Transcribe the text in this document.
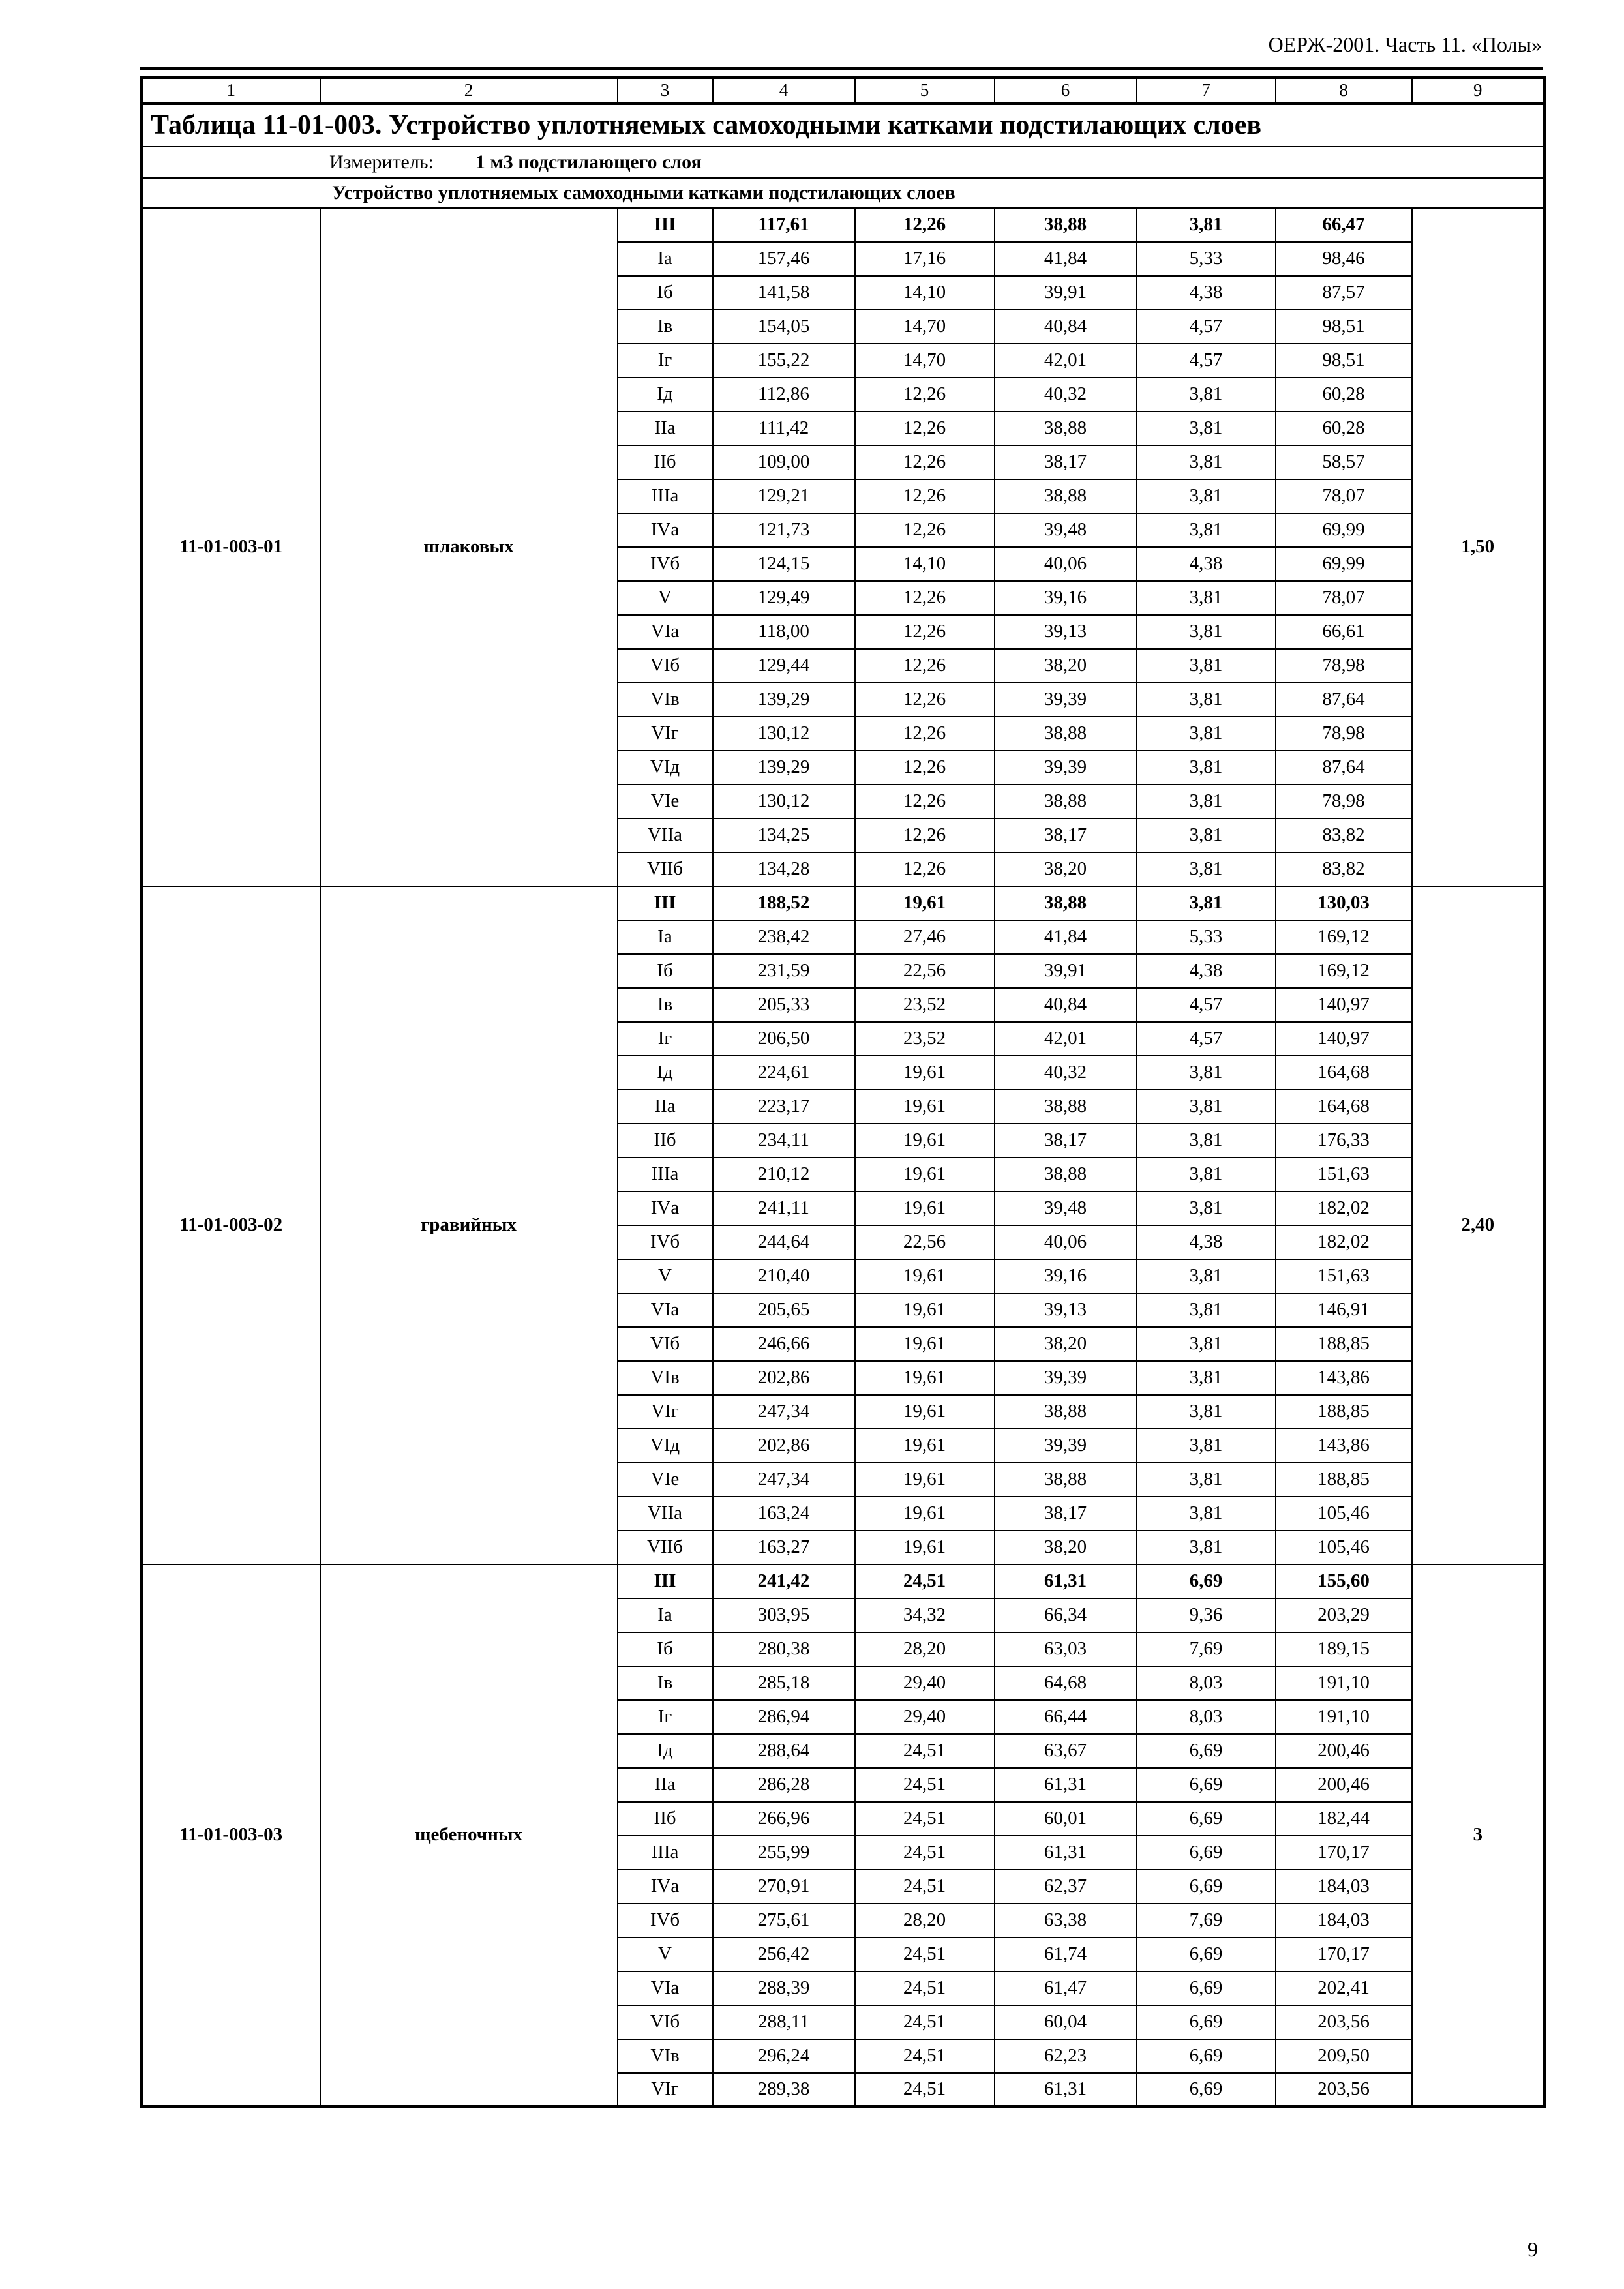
ОЕРЖ-2001. Часть 11. «Полы»
1	2	3	4	5	6	7	8	9
Таблица 11-01-003. Устройство уплотняемых самоходными катками подстилающих слоев								
Измеритель: 1 м3 подстилающего слоя								
Устройство уплотняемых самоходными катками подстилающих слоев								
11-01-003-01	шлаковых	III	117,61	12,26	38,88	3,81	66,47	1,50
		Iа	157,46	17,16	41,84	5,33	98,46	
		Iб	141,58	14,10	39,91	4,38	87,57	
		Iв	154,05	14,70	40,84	4,57	98,51	
		Iг	155,22	14,70	42,01	4,57	98,51	
		Iд	112,86	12,26	40,32	3,81	60,28	
		IIа	111,42	12,26	38,88	3,81	60,28	
		IIб	109,00	12,26	38,17	3,81	58,57	
		IIIа	129,21	12,26	38,88	3,81	78,07	
		IVа	121,73	12,26	39,48	3,81	69,99	
		IVб	124,15	14,10	40,06	4,38	69,99	
		V	129,49	12,26	39,16	3,81	78,07	
		VIа	118,00	12,26	39,13	3,81	66,61	
		VIб	129,44	12,26	38,20	3,81	78,98	
		VIв	139,29	12,26	39,39	3,81	87,64	
		VIг	130,12	12,26	38,88	3,81	78,98	
		VIд	139,29	12,26	39,39	3,81	87,64	
		VIе	130,12	12,26	38,88	3,81	78,98	
		VIIа	134,25	12,26	38,17	3,81	83,82	
		VIIб	134,28	12,26	38,20	3,81	83,82	
11-01-003-02	гравийных	III	188,52	19,61	38,88	3,81	130,03	2,40
		Iа	238,42	27,46	41,84	5,33	169,12	
		Iб	231,59	22,56	39,91	4,38	169,12	
		Iв	205,33	23,52	40,84	4,57	140,97	
		Iг	206,50	23,52	42,01	4,57	140,97	
		Iд	224,61	19,61	40,32	3,81	164,68	
		IIа	223,17	19,61	38,88	3,81	164,68	
		IIб	234,11	19,61	38,17	3,81	176,33	
		IIIа	210,12	19,61	38,88	3,81	151,63	
		IVа	241,11	19,61	39,48	3,81	182,02	
		IVб	244,64	22,56	40,06	4,38	182,02	
		V	210,40	19,61	39,16	3,81	151,63	
		VIа	205,65	19,61	39,13	3,81	146,91	
		VIб	246,66	19,61	38,20	3,81	188,85	
		VIв	202,86	19,61	39,39	3,81	143,86	
		VIг	247,34	19,61	38,88	3,81	188,85	
		VIд	202,86	19,61	39,39	3,81	143,86	
		VIе	247,34	19,61	38,88	3,81	188,85	
		VIIа	163,24	19,61	38,17	3,81	105,46	
		VIIб	163,27	19,61	38,20	3,81	105,46	
11-01-003-03	щебеночных	III	241,42	24,51	61,31	6,69	155,60	3
		Iа	303,95	34,32	66,34	9,36	203,29	
		Iб	280,38	28,20	63,03	7,69	189,15	
		Iв	285,18	29,40	64,68	8,03	191,10	
		Iг	286,94	29,40	66,44	8,03	191,10	
		Iд	288,64	24,51	63,67	6,69	200,46	
		IIа	286,28	24,51	61,31	6,69	200,46	
		IIб	266,96	24,51	60,01	6,69	182,44	
		IIIа	255,99	24,51	61,31	6,69	170,17	
		IVа	270,91	24,51	62,37	6,69	184,03	
		IVб	275,61	28,20	63,38	7,69	184,03	
		V	256,42	24,51	61,74	6,69	170,17	
		VIа	288,39	24,51	61,47	6,69	202,41	
		VIб	288,11	24,51	60,04	6,69	203,56	
		VIв	296,24	24,51	62,23	6,69	209,50	
		VIг	289,38	24,51	61,31	6,69	203,56	
9
